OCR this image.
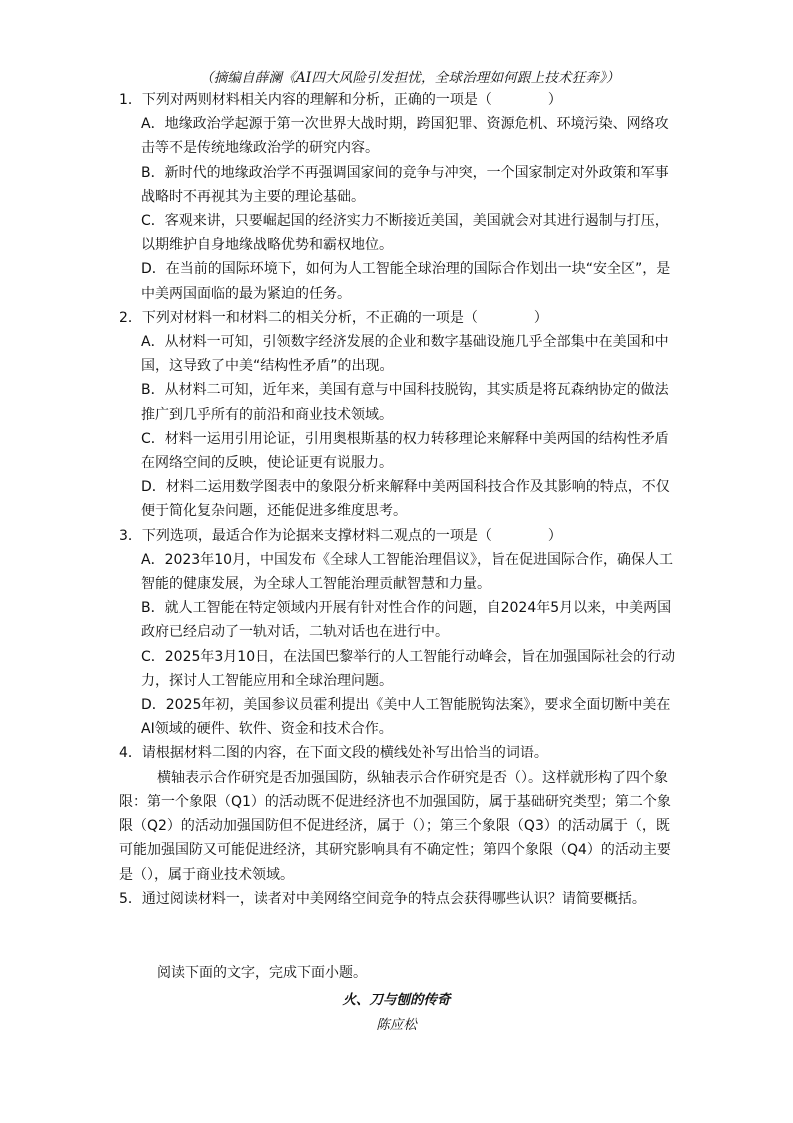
（摘编自薛澜《AI四大风险引发担忧，全球治理如何跟上技术狂奔》）

1．下列对两则材料相关内容的理解和分析，正确的一项是（　　　　）

A．地缘政治学起源于第一次世界大战时期，跨国犯罪、资源危机、环境污染、网络攻击等不是传统地缘政治学的研究内容。

B．新时代的地缘政治学不再强调国家间的竞争与冲突，一个国家制定对外政策和军事战略时不再视其为主要的理论基础。

C．客观来讲，只要崛起国的经济实力不断接近美国，美国就会对其进行遏制与打压，以期维护自身地缘战略优势和霸权地位。

D．在当前的国际环境下，如何为人工智能全球治理的国际合作划出一块“安全区”，是中美两国面临的最为紧迫的任务。

2．下列对材料一和材料二的相关分析，不正确的一项是（　　　　）

A．从材料一可知，引领数字经济发展的企业和数字基础设施几乎全部集中在美国和中国，这导致了中美“结构性矛盾”的出现。

B．从材料二可知，近年来，美国有意与中国科技脱钩，其实质是将瓦森纳协定的做法推广到几乎所有的前沿和商业技术领域。

C．材料一运用引用论证，引用奥根斯基的权力转移理论来解释中美两国的结构性矛盾在网络空间的反映，使论证更有说服力。

D．材料二运用数学图表中的象限分析来解释中美两国科技合作及其影响的特点，不仅便于简化复杂问题，还能促进多维度思考。

3．下列选项，最适合作为论据来支撑材料二观点的一项是（　　　　）

A．2023年10月，中国发布《全球人工智能治理倡议》，旨在促进国际合作，确保人工智能的健康发展，为全球人工智能治理贡献智慧和力量。

B．就人工智能在特定领域内开展有针对性合作的问题，自2024年5月以来，中美两国政府已经启动了一轨对话，二轨对话也在进行中。

C．2025年3月10日，在法国巴黎举行的人工智能行动峰会，旨在加强国际社会的行动力，探讨人工智能应用和全球治理问题。

D．2025年初，美国参议员霍利提出《美中人工智能脱钩法案》，要求全面切断中美在AI领域的硬件、软件、资金和技术合作。

4．请根据材料二图的内容，在下面文段的横线处补写出恰当的词语。

横轴表示合作研究是否加强国防，纵轴表示合作研究是否（）。这样就形构了四个象限：第一个象限（Q1）的活动既不促进经济也不加强国防，属于基础研究类型；第二个象限（Q2）的活动加强国防但不促进经济，属于（）；第三个象限（Q3）的活动属于（，既可能加强国防又可能促进经济，其研究影响具有不确定性；第四个象限（Q4）的活动主要是（），属于商业技术领域。

5．通过阅读材料一，读者对中美网络空间竞争的特点会获得哪些认识？请简要概括。

阅读下面的文字，完成下面小题。
火、刀与刨的传奇
陈应松
